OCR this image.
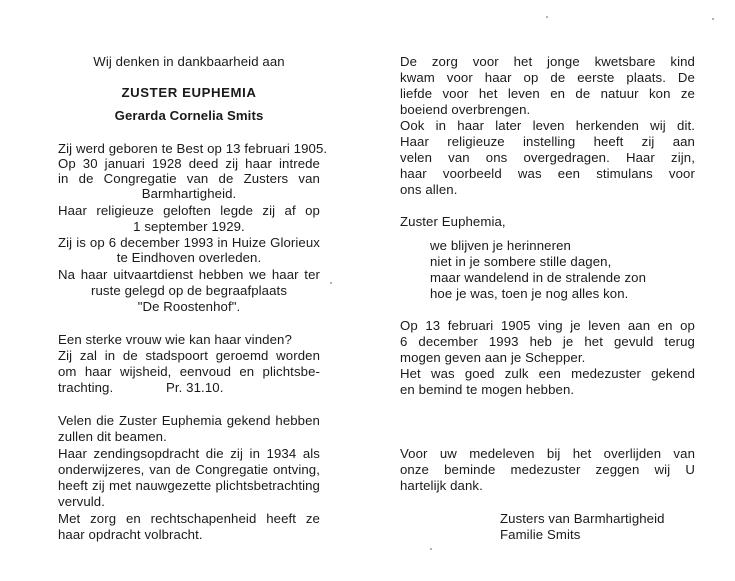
Wij denken in dankbaarheid aan
ZUSTER EUPHEMIA
Gerarda Cornelia Smits
Zij werd geboren te Best op 13 februari 1905.
Op 30 januari 1928 deed zij haar intrede
in de Congregatie van de Zusters van
Barmhartigheid.
Haar religieuze geloften legde zij af op
1 september 1929.
Zij is op 6 december 1993 in Huize Glorieux
te Eindhoven overleden.
Na haar uitvaartdienst hebben we haar ter
ruste gelegd op de begraafplaats
"De Roostenhof".
Een sterke vrouw wie kan haar vinden?
Zij zal in de stadspoort geroemd worden
om haar wijsheid, eenvoud en plichtsbe-
trachting.	Pr. 31.10.
Velen die Zuster Euphemia gekend hebben
zullen dit beamen.
Haar zendingsopdracht die zij in 1934 als
onderwijzeres, van de Congregatie ontving,
heeft zij met nauwgezette plichtsbetrachting
vervuld.
Met zorg en rechtschapenheid heeft ze
haar opdracht volbracht.
De zorg voor het jonge kwetsbare kind
kwam voor haar op de eerste plaats. De
liefde voor het leven en de natuur kon ze
boeiend overbrengen.
Ook in haar later leven herkenden wij dit.
Haar religieuze instelling heeft zij aan
velen van ons overgedragen. Haar zijn,
haar voorbeeld was een stimulans voor
ons allen.
Zuster Euphemia,
we blijven je herinneren
niet in je sombere stille dagen,
maar wandelend in de stralende zon
hoe je was, toen je nog alles kon.
Op 13 februari 1905 ving je leven aan en op
6 december 1993 heb je het gevuld terug
mogen geven aan je Schepper.
Het was goed zulk een medezuster gekend
en bemind te mogen hebben.
Voor uw medeleven bij het overlijden van
onze beminde medezuster zeggen wij U
hartelijk dank.
Zusters van Barmhartigheid
Familie Smits
